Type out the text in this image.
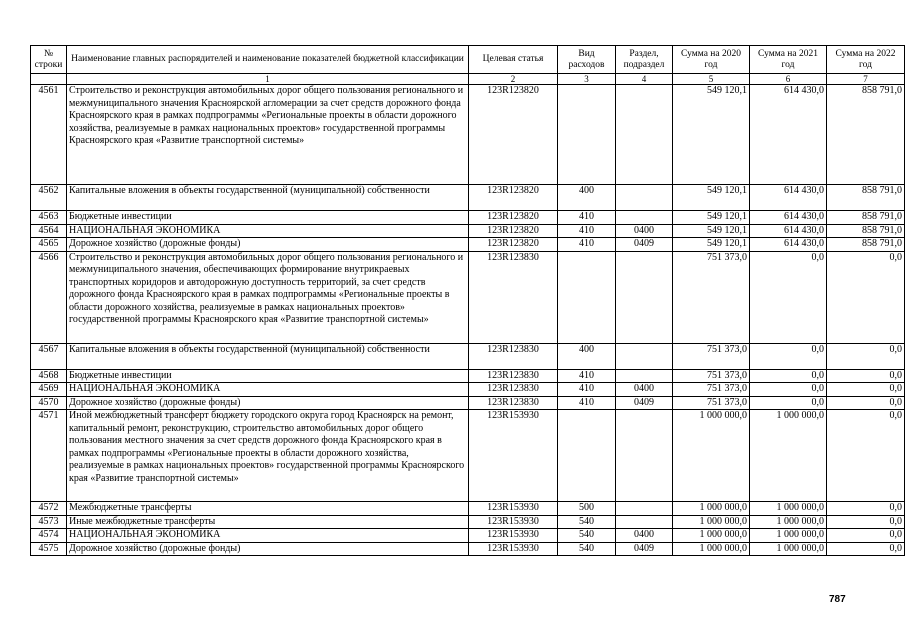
№ строки	Наименование главных распорядителей и наименование показателей бюджетной классификации	Целевая статья	Вид расходов	Раздел, подраздел	Сумма на 2020 год	Сумма на 2021 год	Сумма на 2022 год
	1	2	3	4	5	6	7
4561	Строительство и реконструкция автомобильных дорог общего пользования регионального и межмуниципального значения Красноярской агломерации за счет средств дорожного фонда Красноярского края в рамках подпрограммы «Региональные проекты в области дорожного хозяйства, реализуемые в рамках национальных проектов» государственной программы Красноярского края «Развитие транспортной системы»	123R123820			549 120,1	614 430,0	858 791,0
4562	Капитальные вложения в объекты государственной (муниципальной) собственности	123R123820	400		549 120,1	614 430,0	858 791,0
4563	Бюджетные инвестиции	123R123820	410		549 120,1	614 430,0	858 791,0
4564	НАЦИОНАЛЬНАЯ ЭКОНОМИКА	123R123820	410	0400	549 120,1	614 430,0	858 791,0
4565	Дорожное хозяйство (дорожные фонды)	123R123820	410	0409	549 120,1	614 430,0	858 791,0
4566	Строительство и реконструкция автомобильных дорог общего пользования регионального и межмуниципального значения, обеспечивающих формирование внутрикраевых транспортных коридоров и автодорожную доступность территорий, за счет средств дорожного фонда Красноярского края в рамках подпрограммы «Региональные проекты в области дорожного хозяйства, реализуемые в рамках национальных проектов» государственной программы Красноярского края «Развитие транспортной системы»	123R123830			751 373,0	0,0	0,0
4567	Капитальные вложения в объекты государственной (муниципальной) собственности	123R123830	400		751 373,0	0,0	0,0
4568	Бюджетные инвестиции	123R123830	410		751 373,0	0,0	0,0
4569	НАЦИОНАЛЬНАЯ ЭКОНОМИКА	123R123830	410	0400	751 373,0	0,0	0,0
4570	Дорожное хозяйство (дорожные фонды)	123R123830	410	0409	751 373,0	0,0	0,0
4571	Иной межбюджетный трансферт бюджету городского округа город Красноярск на ремонт, капитальный ремонт, реконструкцию, строительство автомобильных дорог общего пользования местного значения за счет средств дорожного фонда Красноярского края в рамках подпрограммы «Региональные проекты в области дорожного хозяйства, реализуемые в рамках национальных проектов» государственной программы Красноярского края «Развитие транспортной системы»	123R153930			1 000 000,0	1 000 000,0	0,0
4572	Межбюджетные трансферты	123R153930	500		1 000 000,0	1 000 000,0	0,0
4573	Иные межбюджетные трансферты	123R153930	540		1 000 000,0	1 000 000,0	0,0
4574	НАЦИОНАЛЬНАЯ ЭКОНОМИКА	123R153930	540	0400	1 000 000,0	1 000 000,0	0,0
4575	Дорожное хозяйство (дорожные фонды)	123R153930	540	0409	1 000 000,0	1 000 000,0	0,0
787
